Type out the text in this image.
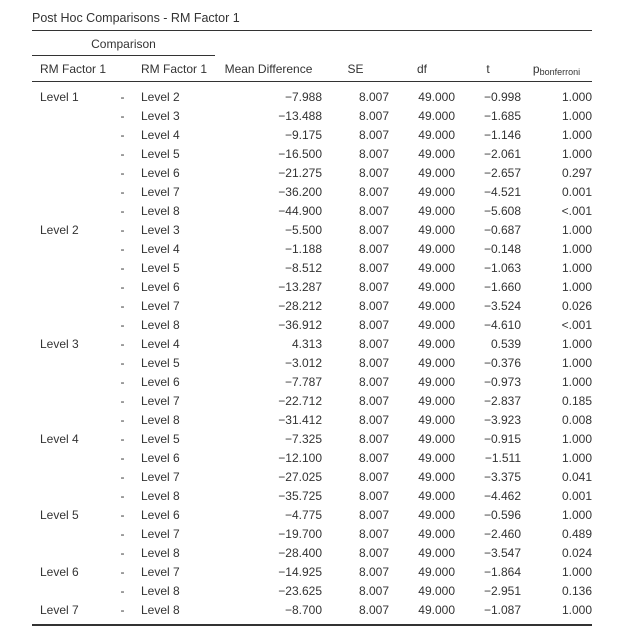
Post Hoc Comparisons - RM Factor 1
Comparison
RM Factor 1		RM Factor 1	Mean Difference	SE	df	t	$p_{bonferroni}$
Level 1	-	Level 2	−7.988	8.007	49.000	−0.998	1.000
	-	Level 3	−13.488	8.007	49.000	−1.685	1.000
	-	Level 4	−9.175	8.007	49.000	−1.146	1.000
	-	Level 5	−16.500	8.007	49.000	−2.061	1.000
	-	Level 6	−21.275	8.007	49.000	−2.657	0.297
	-	Level 7	−36.200	8.007	49.000	−4.521	0.001
	-	Level 8	−44.900	8.007	49.000	−5.608	<.001
Level 2	-	Level 3	−5.500	8.007	49.000	−0.687	1.000
	-	Level 4	−1.188	8.007	49.000	−0.148	1.000
	-	Level 5	−8.512	8.007	49.000	−1.063	1.000
	-	Level 6	−13.287	8.007	49.000	−1.660	1.000
	-	Level 7	−28.212	8.007	49.000	−3.524	0.026
	-	Level 8	−36.912	8.007	49.000	−4.610	<.001
Level 3	-	Level 4	4.313	8.007	49.000	0.539	1.000
	-	Level 5	−3.012	8.007	49.000	−0.376	1.000
	-	Level 6	−7.787	8.007	49.000	−0.973	1.000
	-	Level 7	−22.712	8.007	49.000	−2.837	0.185
	-	Level 8	−31.412	8.007	49.000	−3.923	0.008
Level 4	-	Level 5	−7.325	8.007	49.000	−0.915	1.000
	-	Level 6	−12.100	8.007	49.000	−1.511	1.000
	-	Level 7	−27.025	8.007	49.000	−3.375	0.041
	-	Level 8	−35.725	8.007	49.000	−4.462	0.001
Level 5	-	Level 6	−4.775	8.007	49.000	−0.596	1.000
	-	Level 7	−19.700	8.007	49.000	−2.460	0.489
	-	Level 8	−28.400	8.007	49.000	−3.547	0.024
Level 6	-	Level 7	−14.925	8.007	49.000	−1.864	1.000
	-	Level 8	−23.625	8.007	49.000	−2.951	0.136
Level 7	-	Level 8	−8.700	8.007	49.000	−1.087	1.000
